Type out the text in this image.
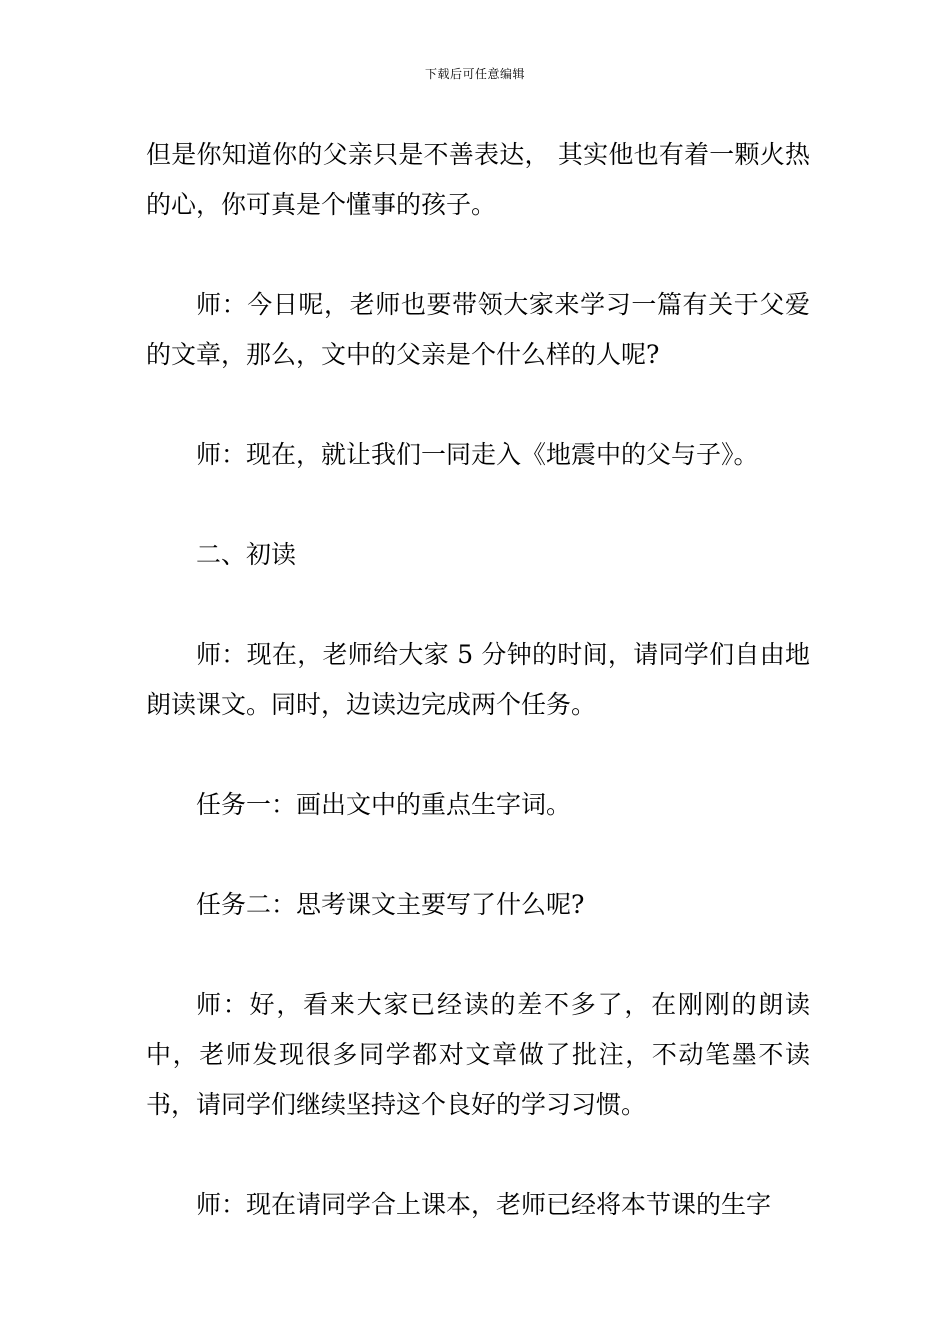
下载后可任意编辑

但是你知道你的父亲只是不善表达， 其实他也有着一颗火热的心，你可真是个懂事的孩子。

师：今日呢，老师也要带领大家来学习一篇有关于父爱的文章，那么，文中的父亲是个什么样的人呢?

师：现在，就让我们一同走入《地震中的父与子》。

二、初读

师：现在，老师给大家 5 分钟的时间，请同学们自由地朗读课文。同时，边读边完成两个任务。

任务一：画出文中的重点生字词。

任务二：思考课文主要写了什么呢?

师：好，看来大家已经读的差不多了，在刚刚的朗读中，老师发现很多同学都对文章做了批注，不动笔墨不读书，请同学们继续坚持这个良好的学习习惯。

师：现在请同学合上课本，老师已经将本节课的生字
